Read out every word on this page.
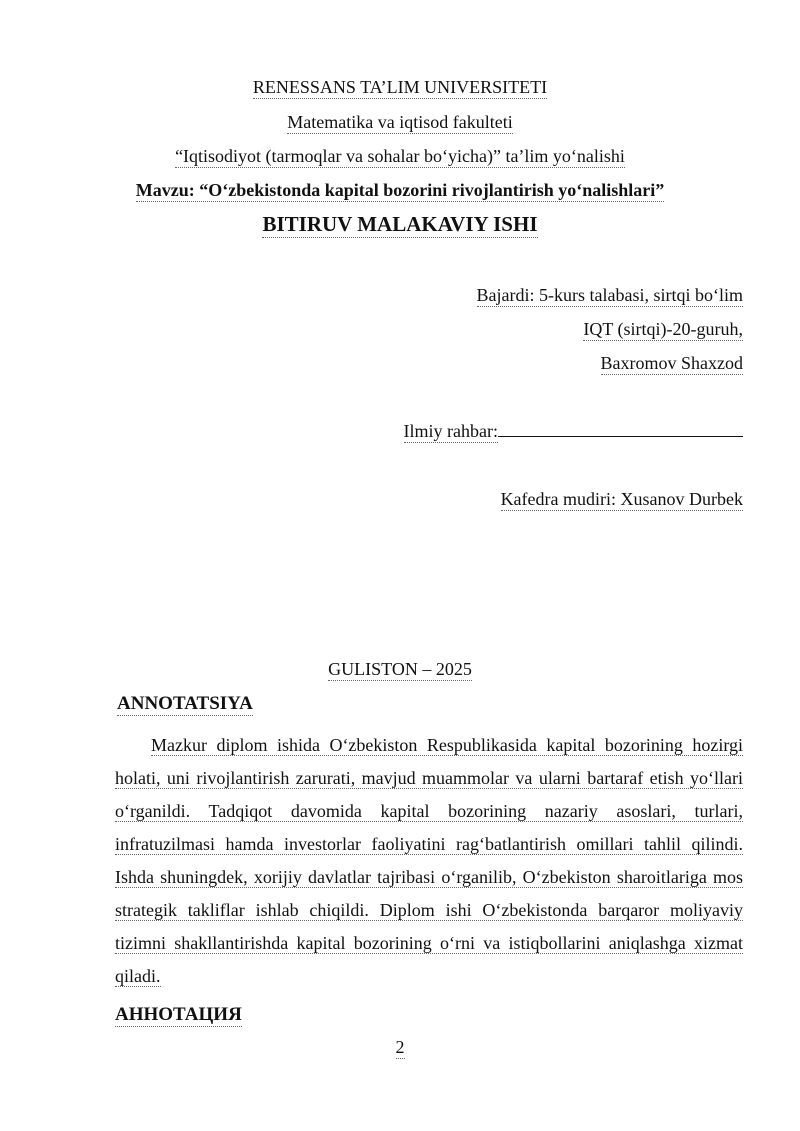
RENESSANS TA’LIM UNIVERSITETI
Matematika va iqtisod fakulteti
“Iqtisodiyot (tarmoqlar va sohalar bo‘yicha)” ta’lim yo‘nalishi
Mavzu: “O‘zbekistonda kapital bozorini rivojlantirish yo‘nalishlari”
BITIRUV MALAKAVIY ISHI
Bajardi: 5-kurs talabasi, sirtqi bo‘lim
IQT (sirtqi)-20-guruh,
Baxromov Shaxzod
Ilmiy rahbar:
Kafedra mudiri: Xusanov Durbek
GULISTON – 2025
ANNOTATSIYA
Mazkur diplom ishida O‘zbekiston Respublikasida kapital bozorining hozirgi holati, uni rivojlantirish zarurati, mavjud muammolar va ularni bartaraf etish yo‘llari o‘rganildi. Tadqiqot davomida kapital bozorining nazariy asoslari, turlari, infratuzilmasi hamda investorlar faoliyatini rag‘batlantirish omillari tahlil qilindi. Ishda shuningdek, xorijiy davlatlar tajribasi o‘rganilib, O‘zbekiston sharoitlariga mos strategik takliflar ishlab chiqildi. Diplom ishi O‘zbekistonda barqaror moliyaviy tizimni shakllantirishda kapital bozorining o‘rni va istiqbollarini aniqlashga xizmat qiladi.
АННОТАЦИЯ
2
